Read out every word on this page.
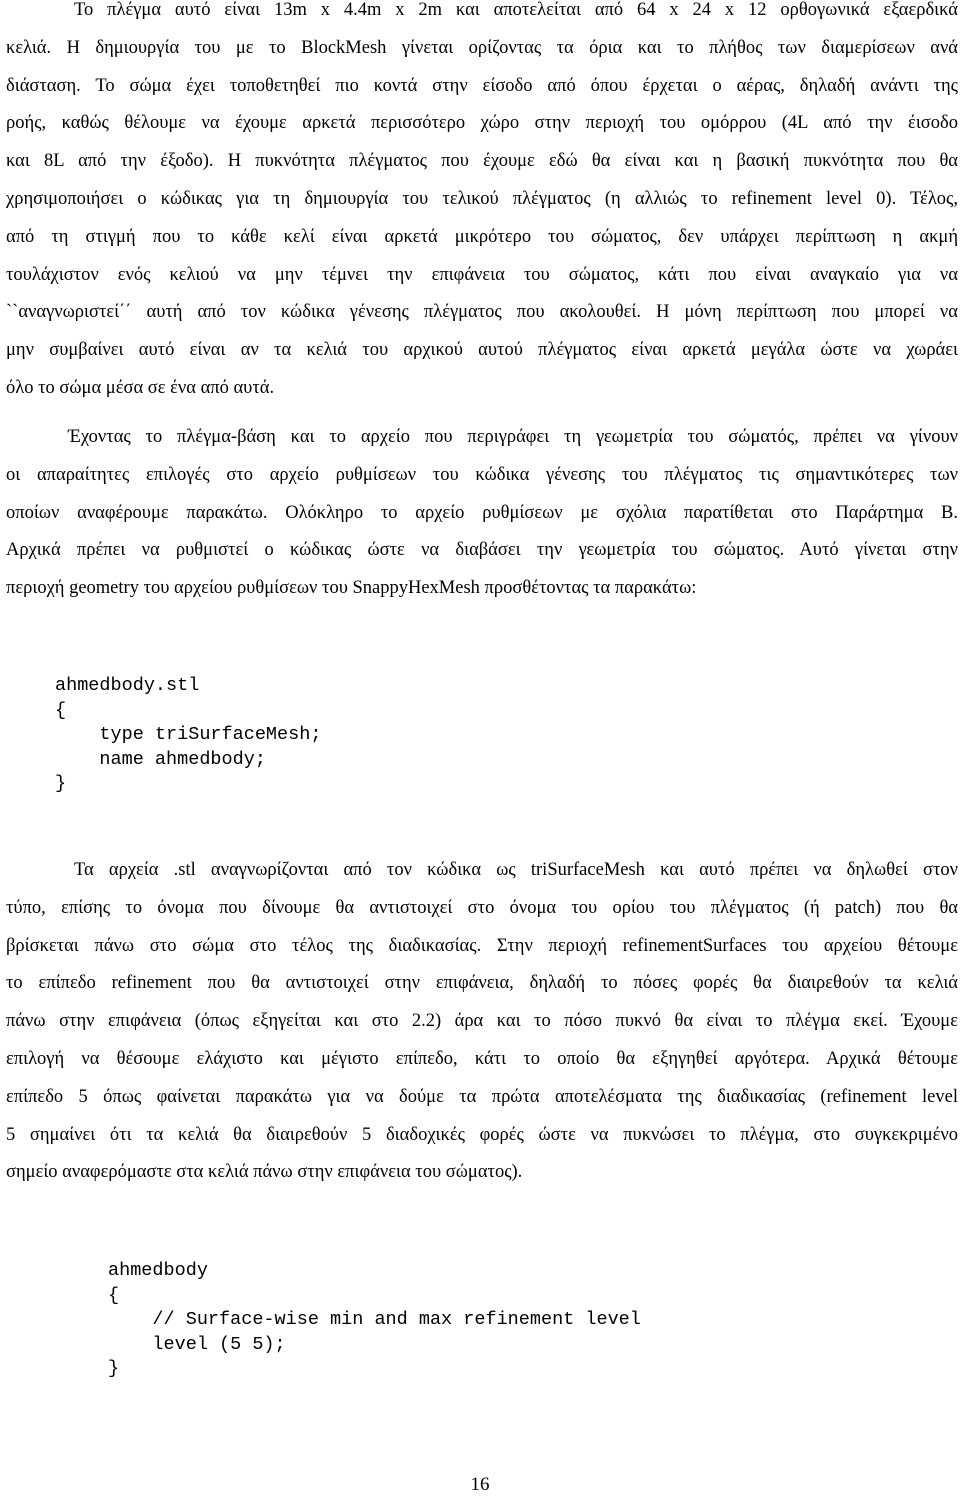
Το πλέγμα αυτό είναι 13m x 4.4m x 2m και αποτελείται από 64 x 24 x 12 ορθογωνικά εξαερδικά
κελιά. Η δημιουργία του με το BlockMesh γίνεται ορίζοντας τα όρια και το πλήθος των διαμερίσεων ανά
διάσταση. Το σώμα έχει τοποθετηθεί πιο κοντά στην είσοδο από όπου έρχεται ο αέρας, δηλαδή ανάντι της
ροής, καθώς θέλουμε να έχουμε αρκετά περισσότερο χώρο στην περιοχή του ομόρρου (4L από την έισοδο
και 8L από την έξοδο). Η πυκνότητα πλέγματος που έχουμε εδώ θα είναι και η βασική πυκνότητα που θα
χρησιμοποιήσει ο κώδικας για τη δημιουργία του τελικού πλέγματος (η αλλιώς το refinement level 0). Τέλος,
από τη στιγμή που το κάθε κελί είναι αρκετά μικρότερο του σώματος, δεν υπάρχει περίπτωση η ακμή
τουλάχιστον ενός κελιού να μην τέμνει την επιφάνεια του σώματος, κάτι που είναι αναγκαίο για να
``αναγνωριστεί΄΄ αυτή από τον κώδικα γένεσης πλέγματος που ακολουθεί. Η μόνη περίπτωση που μπορεί να
μην συμβαίνει αυτό είναι αν τα κελιά του αρχικού αυτού πλέγματος είναι αρκετά μεγάλα ώστε να χωράει
όλο το σώμα μέσα σε ένα από αυτά.
Έχοντας το πλέγμα-βάση και το αρχείο που περιγράφει τη γεωμετρία του σώματός, πρέπει να γίνουν
οι απαραίτητες επιλογές στο αρχείο ρυθμίσεων του κώδικα γένεσης του πλέγματος τις σημαντικότερες των
οποίων αναφέρουμε παρακάτω. Ολόκληρο το αρχείο ρυθμίσεων με σχόλια παρατίθεται στο Παράρτημα Β.
Αρχικά πρέπει να ρυθμιστεί ο κώδικας ώστε να διαβάσει την γεωμετρία του σώματος. Αυτό γίνεται στην
περιοχή geometry του αρχείου ρυθμίσεων του SnappyHexMesh προσθέτοντας τα παρακάτω:
ahmedbody.stl
{
type triSurfaceMesh;
name ahmedbody;
}
Τα αρχεία .stl αναγνωρίζονται από τον κώδικα ως triSurfaceMesh και αυτό πρέπει να δηλωθεί στον
τύπο, επίσης το όνομα που δίνουμε θα αντιστοιχεί στο όνομα του ορίου του πλέγματος (ή patch) που θα
βρίσκεται πάνω στο σώμα στο τέλος της διαδικασίας. Στην περιοχή refinementSurfaces του αρχείου θέτουμε
το επίπεδο refinement που θα αντιστοιχεί στην επιφάνεια, δηλαδή το πόσες φορές θα διαιρεθούν τα κελιά
πάνω στην επιφάνεια (όπως εξηγείται και στο 2.2) άρα και το πόσο πυκνό θα είναι το πλέγμα εκεί. Έχουμε
επιλογή να θέσουμε ελάχιστο και μέγιστο επίπεδο, κάτι το οποίο θα εξηγηθεί αργότερα. Αρχικά θέτουμε
επίπεδο 5 όπως φαίνεται παρακάτω για να δούμε τα πρώτα αποτελέσματα της διαδικασίας (refinement level
5 σημαίνει ότι τα κελιά θα διαιρεθούν 5 διαδοχικές φορές ώστε να πυκνώσει το πλέγμα, στο συγκεκριμένο
σημείο αναφερόμαστε στα κελιά πάνω στην επιφάνεια του σώματος).
ahmedbody
{
// Surface-wise min and max refinement level
level (5 5);
}
16
